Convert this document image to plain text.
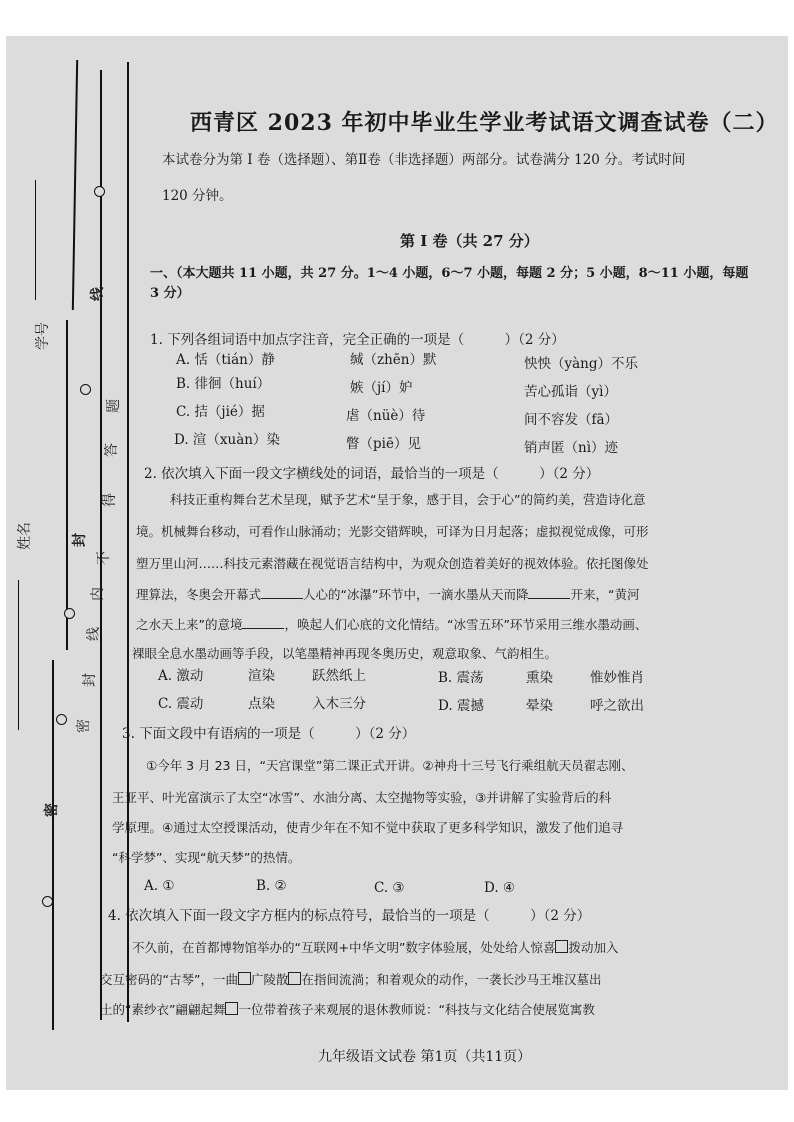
学号
姓名
线
封
密
题
答
得
不
内
线
封
密
西青区 2023 年初中毕业生学业考试语文调查试卷（二）
本试卷分为第 I 卷（选择题）、第Ⅱ卷（非选择题）两部分。试卷满分 120 分。考试时间
120 分钟。
第 Ⅰ 卷（共 27 分）
一、（本大题共 11 小题，共 27 分。1～4 小题，6～7 小题，每题 2 分；5 小题，8～11 小题，每题
3 分）
1. 下列各组词语中加点字注音，完全正确的一项是（　　　）（2 分）
A. 恬（tián）静	缄（zhēn）默	怏怏（yàng）不乐
B. 徘徊（huí）	嫉（jí）妒	苦心孤诣（yì）
C. 拮（jié）据	虐（nüè）待	间不容发（fā）
D. 渲（xuàn）染	瞥（piē）见	销声匿（nì）迹
2. 依次填入下面一段文字横线处的词语，最恰当的一项是（　　　）（2 分）
科技正重构舞台艺术呈现，赋予艺术“呈于象，感于目，会于心”的简约美，营造诗化意
境。机械舞台移动，可看作山脉涌动；光影交错辉映，可译为日月起落；虚拟视觉成像，可形
塑万里山河……科技元素潜藏在视觉语言结构中，为观众创造着美好的视效体验。依托图像处
理算法，冬奥会开幕式	人心的“冰瀑”环节中，一滴水墨从天而降	开来，“黄河
之水天上来”的意境	，唤起人们心底的文化情结。“冰雪五环”环节采用三维水墨动画、
裸眼全息水墨动画等手段，以笔墨精神再现冬奥历史，观意取象、气韵相生。
A. 激动	渲染	跃然纸上	B. 震荡	熏染	惟妙惟肖
C. 震动	点染	入木三分	D. 震撼	晕染	呼之欲出
3. 下面文段中有语病的一项是（　　　）（2 分）
①今年 3 月 23 日，“天宫课堂”第二课正式开讲。②神舟十三号飞行乘组航天员翟志刚、
王亚平、叶光富演示了太空“冰雪”、水油分离、太空抛物等实验，③并讲解了实验背后的科
学原理。④通过太空授课活动，使青少年在不知不觉中获取了更多科学知识，激发了他们追寻
“科学梦”、实现“航天梦”的热情。
A. ①	B. ②	C. ③	D. ④
4. 依次填入下面一段文字方框内的标点符号，最恰当的一项是（　　　）（2 分）
不久前，在首都博物馆举办的“互联网+中华文明”数字体验展，处处给人惊喜 拨动加入
交互密码的“古琴”，一曲 广陵散 在指间流淌；和着观众的动作，一袭长沙马王堆汉墓出
土的“素纱衣”翩翩起舞 一位带着孩子来观展的退休教师说：“科技与文化结合使展览寓教
九年级语文试卷 第1页（共11页）
